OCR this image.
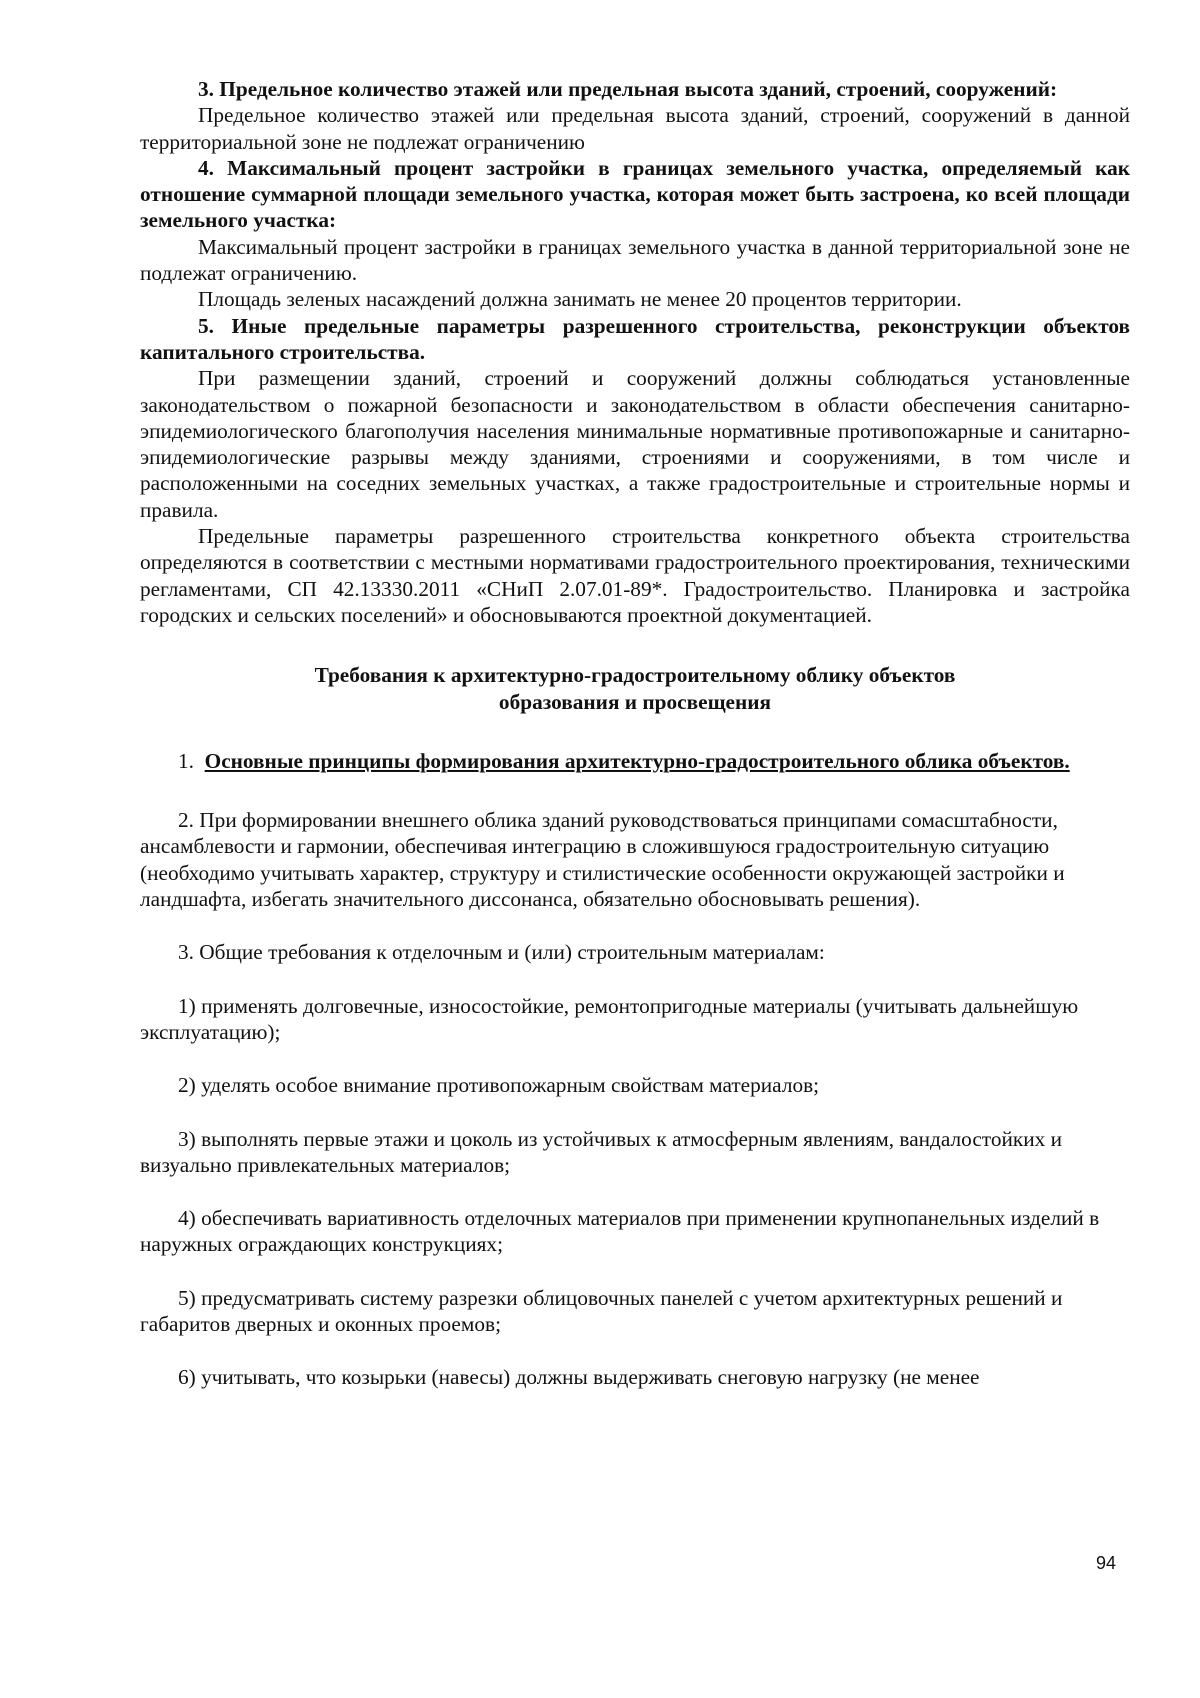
3. Предельное количество этажей или предельная высота зданий, строений, сооружений:

Предельное количество этажей или предельная высота зданий, строений, сооружений в данной территориальной зоне не подлежат ограничению

4. Максимальный процент застройки в границах земельного участка, определяемый как отношение суммарной площади земельного участка, которая может быть застроена, ко всей площади земельного участка:

Максимальный процент застройки в границах земельного участка в данной территориальной зоне не подлежат ограничению.

Площадь зеленых насаждений должна занимать не менее 20 процентов территории.

5. Иные предельные параметры разрешенного строительства, реконструкции объектов капитального строительства.

При размещении зданий, строений и сооружений должны соблюдаться установленные законодательством о пожарной безопасности и законодательством в области обеспечения санитарно-эпидемиологического благополучия населения минимальные нормативные противопожарные и санитарно-эпидемиологические разрывы между зданиями, строениями и сооружениями, в том числе и расположенными на соседних земельных участках, а также градостроительные и строительные нормы и правила.

Предельные параметры разрешенного строительства конкретного объекта строительства определяются в соответствии с местными нормативами градостроительного проектирования, техническими регламентами, СП 42.13330.2011 «СНиП 2.07.01-89*. Градостроительство. Планировка и застройка городских и сельских поселений» и обосновываются проектной документацией.

Требования к архитектурно-градостроительному облику объектов
образования и просвещения

1. Основные принципы формирования архитектурно-градостроительного облика объектов.

2. При формировании внешнего облика зданий руководствоваться принципами сомасштабности, ансамблевости и гармонии, обеспечивая интеграцию в сложившуюся градостроительную ситуацию (необходимо учитывать характер, структуру и стилистические особенности окружающей застройки и ландшафта, избегать значительного диссонанса, обязательно обосновывать решения).

3. Общие требования к отделочным и (или) строительным материалам:

1) применять долговечные, износостойкие, ремонтопригодные материалы (учитывать дальнейшую эксплуатацию);

2) уделять особое внимание противопожарным свойствам материалов;

3) выполнять первые этажи и цоколь из устойчивых к атмосферным явлениям, вандалостойких и визуально привлекательных материалов;

4) обеспечивать вариативность отделочных материалов при применении крупнопанельных изделий в наружных ограждающих конструкциях;

5) предусматривать систему разрезки облицовочных панелей с учетом архитектурных решений и габаритов дверных и оконных проемов;

6) учитывать, что козырьки (навесы) должны выдерживать снеговую нагрузку (не менее

94
